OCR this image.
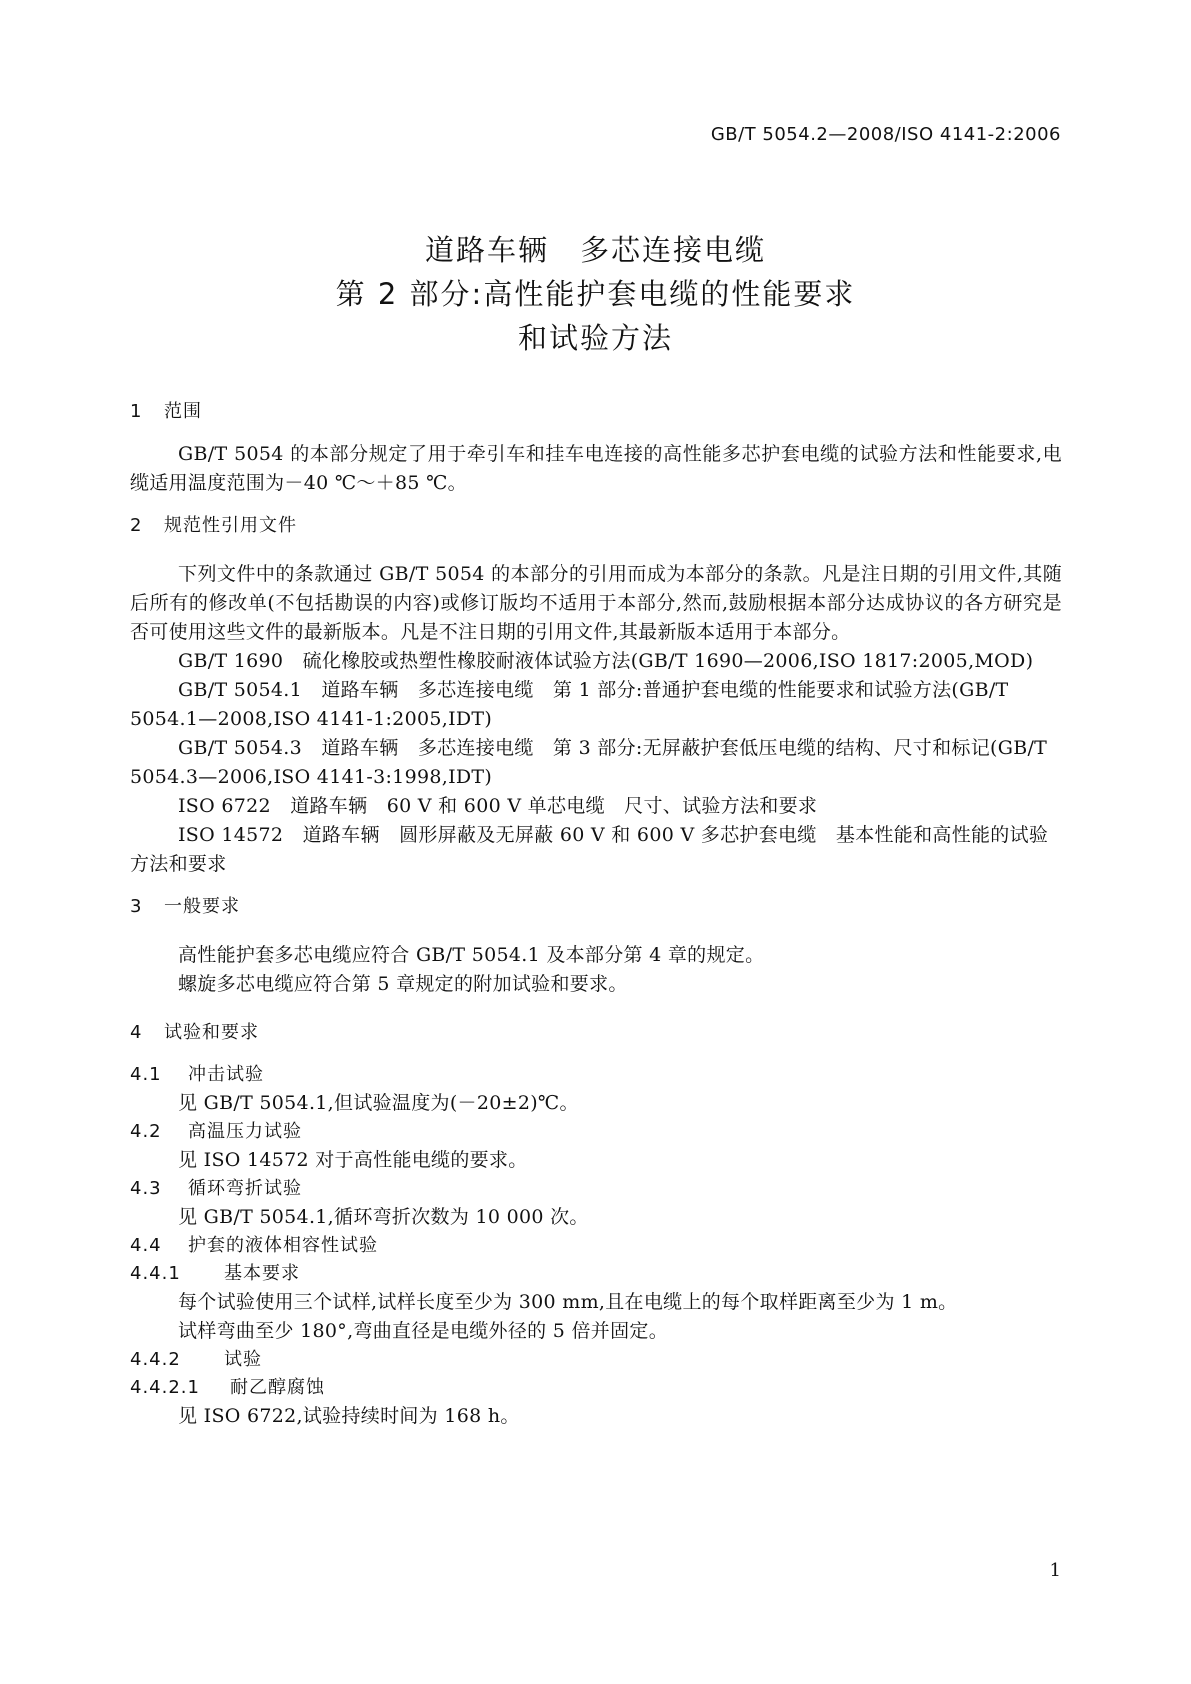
GB/T 5054.2—2008/ISO 4141-2:2006
道路车辆　多芯连接电缆
第 2 部分:高性能护套电缆的性能要求
和试验方法
1 范围
GB/T 5054 的本部分规定了用于牵引车和挂车电连接的高性能多芯护套电缆的试验方法和性能要求,电缆适用温度范围为－40 ℃～＋85 ℃。
2 规范性引用文件
下列文件中的条款通过 GB/T 5054 的本部分的引用而成为本部分的条款。凡是注日期的引用文件,其随后所有的修改单(不包括勘误的内容)或修订版均不适用于本部分,然而,鼓励根据本部分达成协议的各方研究是否可使用这些文件的最新版本。凡是不注日期的引用文件,其最新版本适用于本部分。
GB/T 1690　硫化橡胶或热塑性橡胶耐液体试验方法(GB/T 1690—2006,ISO 1817:2005,MOD)
GB/T 5054.1　道路车辆　多芯连接电缆　第 1 部分:普通护套电缆的性能要求和试验方法(GB/T 5054.1—2008,ISO 4141-1:2005,IDT)
GB/T 5054.3　道路车辆　多芯连接电缆　第 3 部分:无屏蔽护套低压电缆的结构、尺寸和标记(GB/T 5054.3—2006,ISO 4141-3:1998,IDT)
ISO 6722　道路车辆　60 V 和 600 V 单芯电缆　尺寸、试验方法和要求
ISO 14572　道路车辆　圆形屏蔽及无屏蔽 60 V 和 600 V 多芯护套电缆　基本性能和高性能的试验方法和要求
3 一般要求
高性能护套多芯电缆应符合 GB/T 5054.1 及本部分第 4 章的规定。
螺旋多芯电缆应符合第 5 章规定的附加试验和要求。
4 试验和要求
4.1 冲击试验
见 GB/T 5054.1,但试验温度为(－20±2)℃。
4.2 高温压力试验
见 ISO 14572 对于高性能电缆的要求。
4.3 循环弯折试验
见 GB/T 5054.1,循环弯折次数为 10 000 次。
4.4 护套的液体相容性试验
4.4.1 基本要求
每个试验使用三个试样,试样长度至少为 300 mm,且在电缆上的每个取样距离至少为 1 m。
试样弯曲至少 180°,弯曲直径是电缆外径的 5 倍并固定。
4.4.2 试验
4.4.2.1 耐乙醇腐蚀
见 ISO 6722,试验持续时间为 168 h。
1
